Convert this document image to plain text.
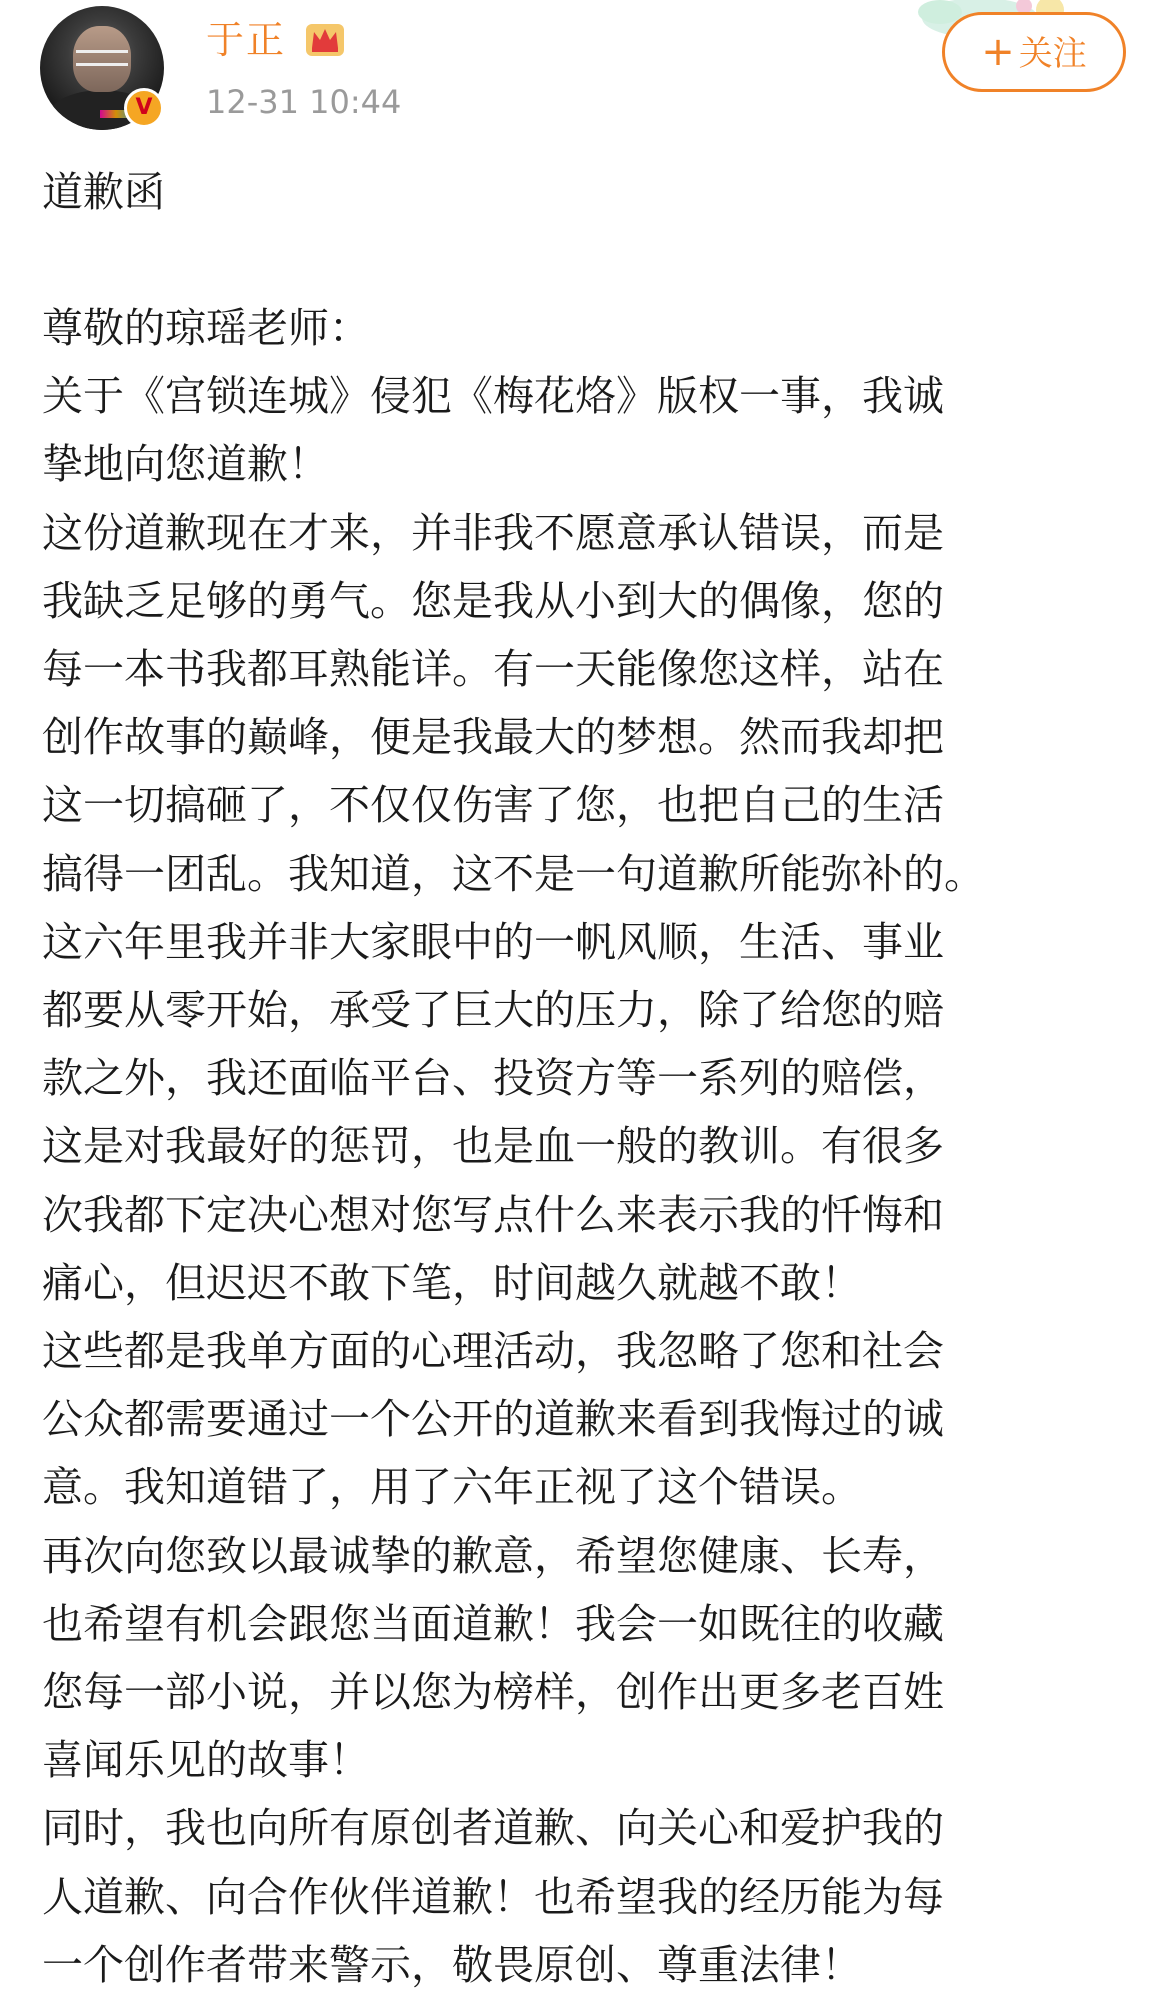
V
于正
12-31 10:44
+ 关注

道歉函

尊敬的琼瑶老师：

关于《宫锁连城》侵犯《梅花烙》版权一事，我诚

挚地向您道歉！

这份道歉现在才来，并非我不愿意承认错误，而是

我缺乏足够的勇气。您是我从小到大的偶像，您的

每一本书我都耳熟能详。有一天能像您这样，站在

创作故事的巅峰，便是我最大的梦想。然而我却把

这一切搞砸了，不仅仅伤害了您，也把自己的生活

搞得一团乱。我知道，这不是一句道歉所能弥补的。

这六年里我并非大家眼中的一帆风顺，生活、事业

都要从零开始，承受了巨大的压力，除了给您的赔

款之外，我还面临平台、投资方等一系列的赔偿，

这是对我最好的惩罚，也是血一般的教训。有很多

次我都下定决心想对您写点什么来表示我的忏悔和

痛心，但迟迟不敢下笔，时间越久就越不敢！

这些都是我单方面的心理活动，我忽略了您和社会

公众都需要通过一个公开的道歉来看到我悔过的诚

意。我知道错了，用了六年正视了这个错误。

再次向您致以最诚挚的歉意，希望您健康、长寿，

也希望有机会跟您当面道歉！我会一如既往的收藏

您每一部小说，并以您为榜样，创作出更多老百姓

喜闻乐见的故事！

同时，我也向所有原创者道歉、向关心和爱护我的

人道歉、向合作伙伴道歉！也希望我的经历能为每

一个创作者带来警示，敬畏原创、尊重法律！
